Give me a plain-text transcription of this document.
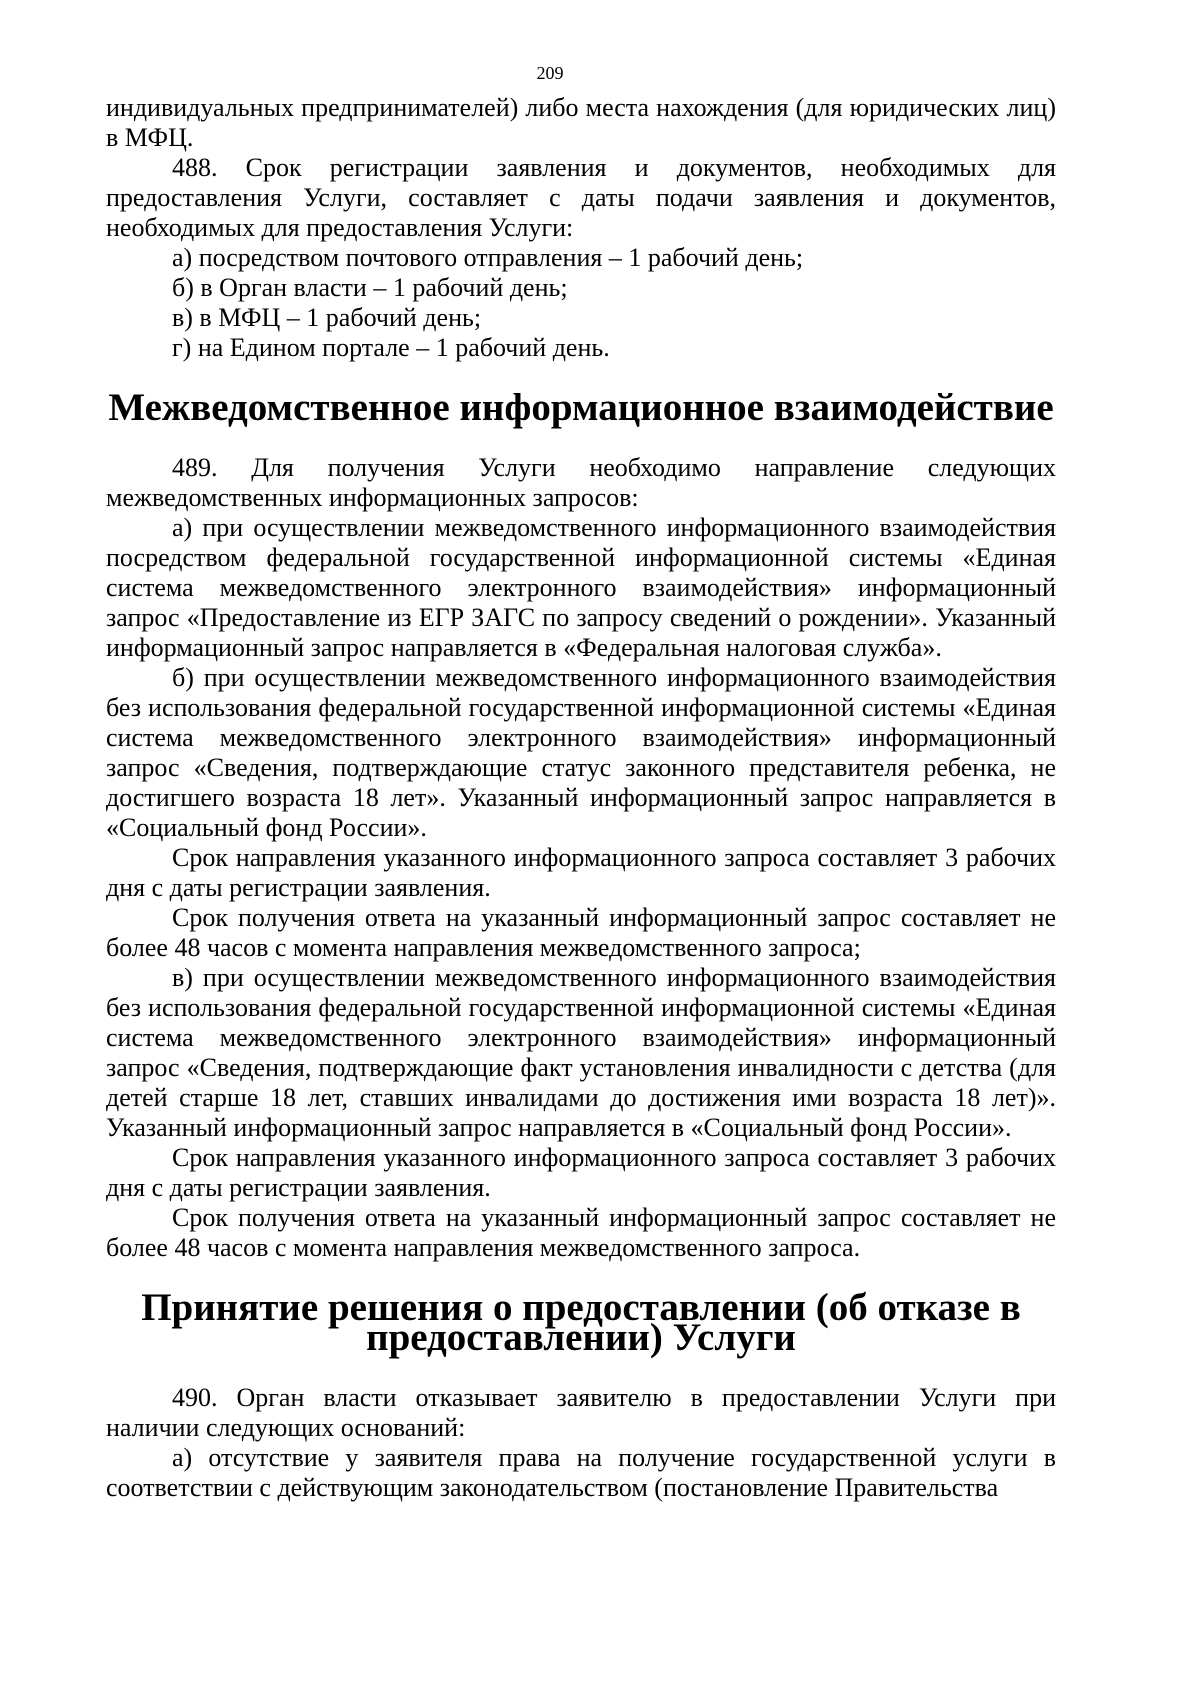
209

индивидуальных предпринимателей) либо места нахождения (для юридических лиц) в МФЦ.

488. Срок регистрации заявления и документов, необходимых для предоставления Услуги, составляет с даты подачи заявления и документов, необходимых для предоставления Услуги:

а) посредством почтового отправления – 1 рабочий день;

б) в Орган власти – 1 рабочий день;

в) в МФЦ – 1 рабочий день;

г) на Едином портале – 1 рабочий день.

Межведомственное информационное взаимодействие

489. Для получения Услуги необходимо направление следующих межведомственных информационных запросов:

а) при осуществлении межведомственного информационного взаимодействия посредством федеральной государственной информационной системы «Единая система межведомственного электронного взаимодействия» информационный запрос «Предоставление из ЕГР ЗАГС по запросу сведений о рождении». Указанный информационный запрос направляется в «Федеральная налоговая служба».

б) при осуществлении межведомственного информационного взаимодействия без использования федеральной государственной информационной системы «Единая система межведомственного электронного взаимодействия» информационный запрос «Сведения, подтверждающие статус законного представителя ребенка, не достигшего возраста 18 лет». Указанный информационный запрос направляется в «Социальный фонд России».

Срок направления указанного информационного запроса составляет 3 рабочих дня с даты регистрации заявления.

Срок получения ответа на указанный информационный запрос составляет не более 48 часов с момента направления межведомственного запроса;

в) при осуществлении межведомственного информационного взаимодействия без использования федеральной государственной информационной системы «Единая система межведомственного электронного взаимодействия» информационный запрос «Сведения, подтверждающие факт установления инвалидности с детства (для детей старше 18 лет, ставших инвалидами до достижения ими возраста 18 лет)». Указанный информационный запрос направляется в «Социальный фонд России».

Срок направления указанного информационного запроса составляет 3 рабочих дня с даты регистрации заявления.

Срок получения ответа на указанный информационный запрос составляет не более 48 часов с момента направления межведомственного запроса.

Принятие решения о предоставлении (об отказе в предоставлении) Услуги

490. Орган власти отказывает заявителю в предоставлении Услуги при наличии следующих оснований:

а) отсутствие у заявителя права на получение государственной услуги в соответствии с действующим законодательством (постановление Правительства
